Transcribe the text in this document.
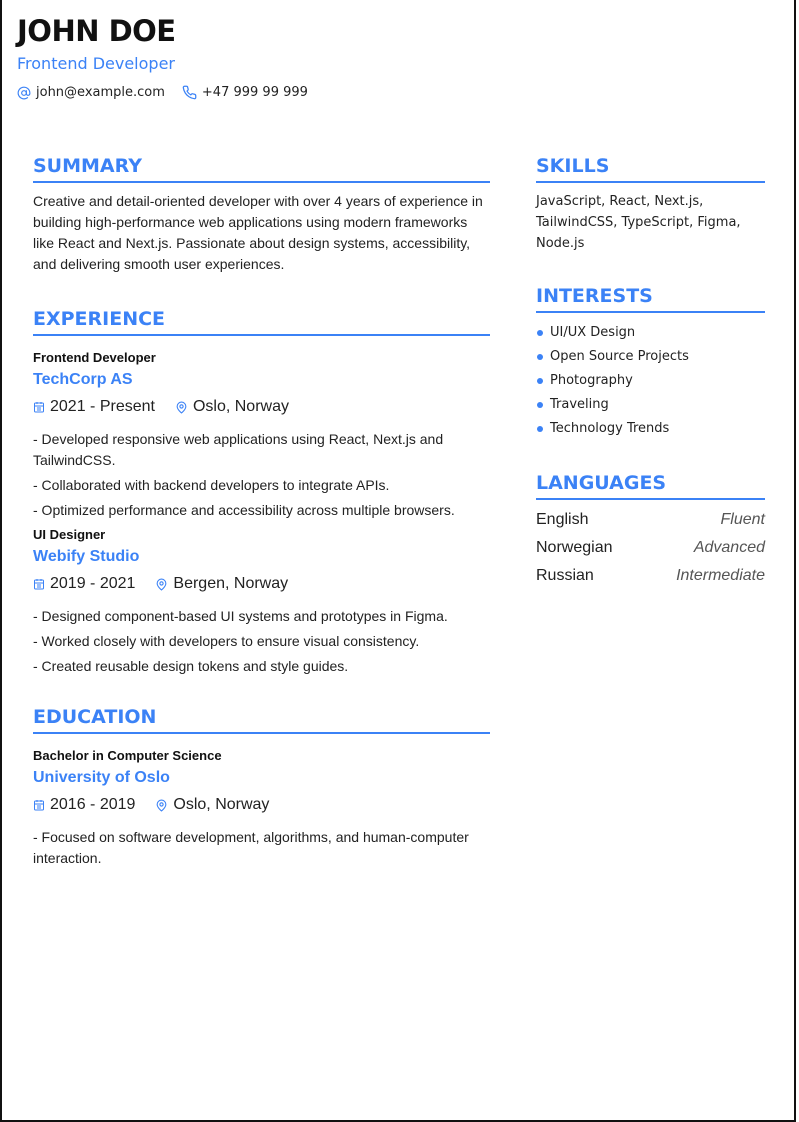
JOHN DOE
Frontend Developer
john@example.com	+47 999 99 999
SUMMARY
Creative and detail-oriented developer with over 4 years of experience in building high-performance web applications using modern frameworks like React and Next.js. Passionate about design systems, accessibility, and delivering smooth user experiences.
EXPERIENCE
Frontend Developer
TechCorp AS
2021 - Present Oslo, Norway
- Developed responsive web applications using React, Next.js and TailwindCSS.
- Collaborated with backend developers to integrate APIs.
- Optimized performance and accessibility across multiple browsers.
UI Designer
Webify Studio
2019 - 2021 Bergen, Norway
- Designed component-based UI systems and prototypes in Figma.
- Worked closely with developers to ensure visual consistency.
- Created reusable design tokens and style guides.
EDUCATION
Bachelor in Computer Science
University of Oslo
2016 - 2019 Oslo, Norway
- Focused on software development, algorithms, and human-computer interaction.
SKILLS
JavaScript, React, Next.js, TailwindCSS, TypeScript, Figma, Node.js
INTERESTS
UI/UX Design
Open Source Projects
Photography
Traveling
Technology Trends
LANGUAGES
English	Fluent
Norwegian	Advanced
Russian	Intermediate
